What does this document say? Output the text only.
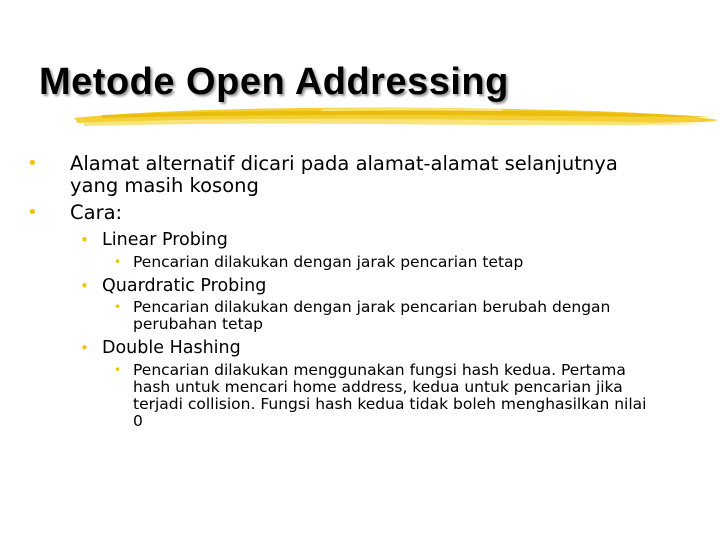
Metode Open Addressing
• Alamat alternatif dicari pada alamat-alamat selanjutnya
yang masih kosong
• Cara:
• Linear Probing
• Pencarian dilakukan dengan jarak pencarian tetap
• Quardratic Probing
• Pencarian dilakukan dengan jarak pencarian berubah dengan
perubahan tetap
• Double Hashing
• Pencarian dilakukan menggunakan fungsi hash kedua. Pertama
hash untuk mencari home address, kedua untuk pencarian jika
terjadi collision. Fungsi hash kedua tidak boleh menghasilkan nilai
0
